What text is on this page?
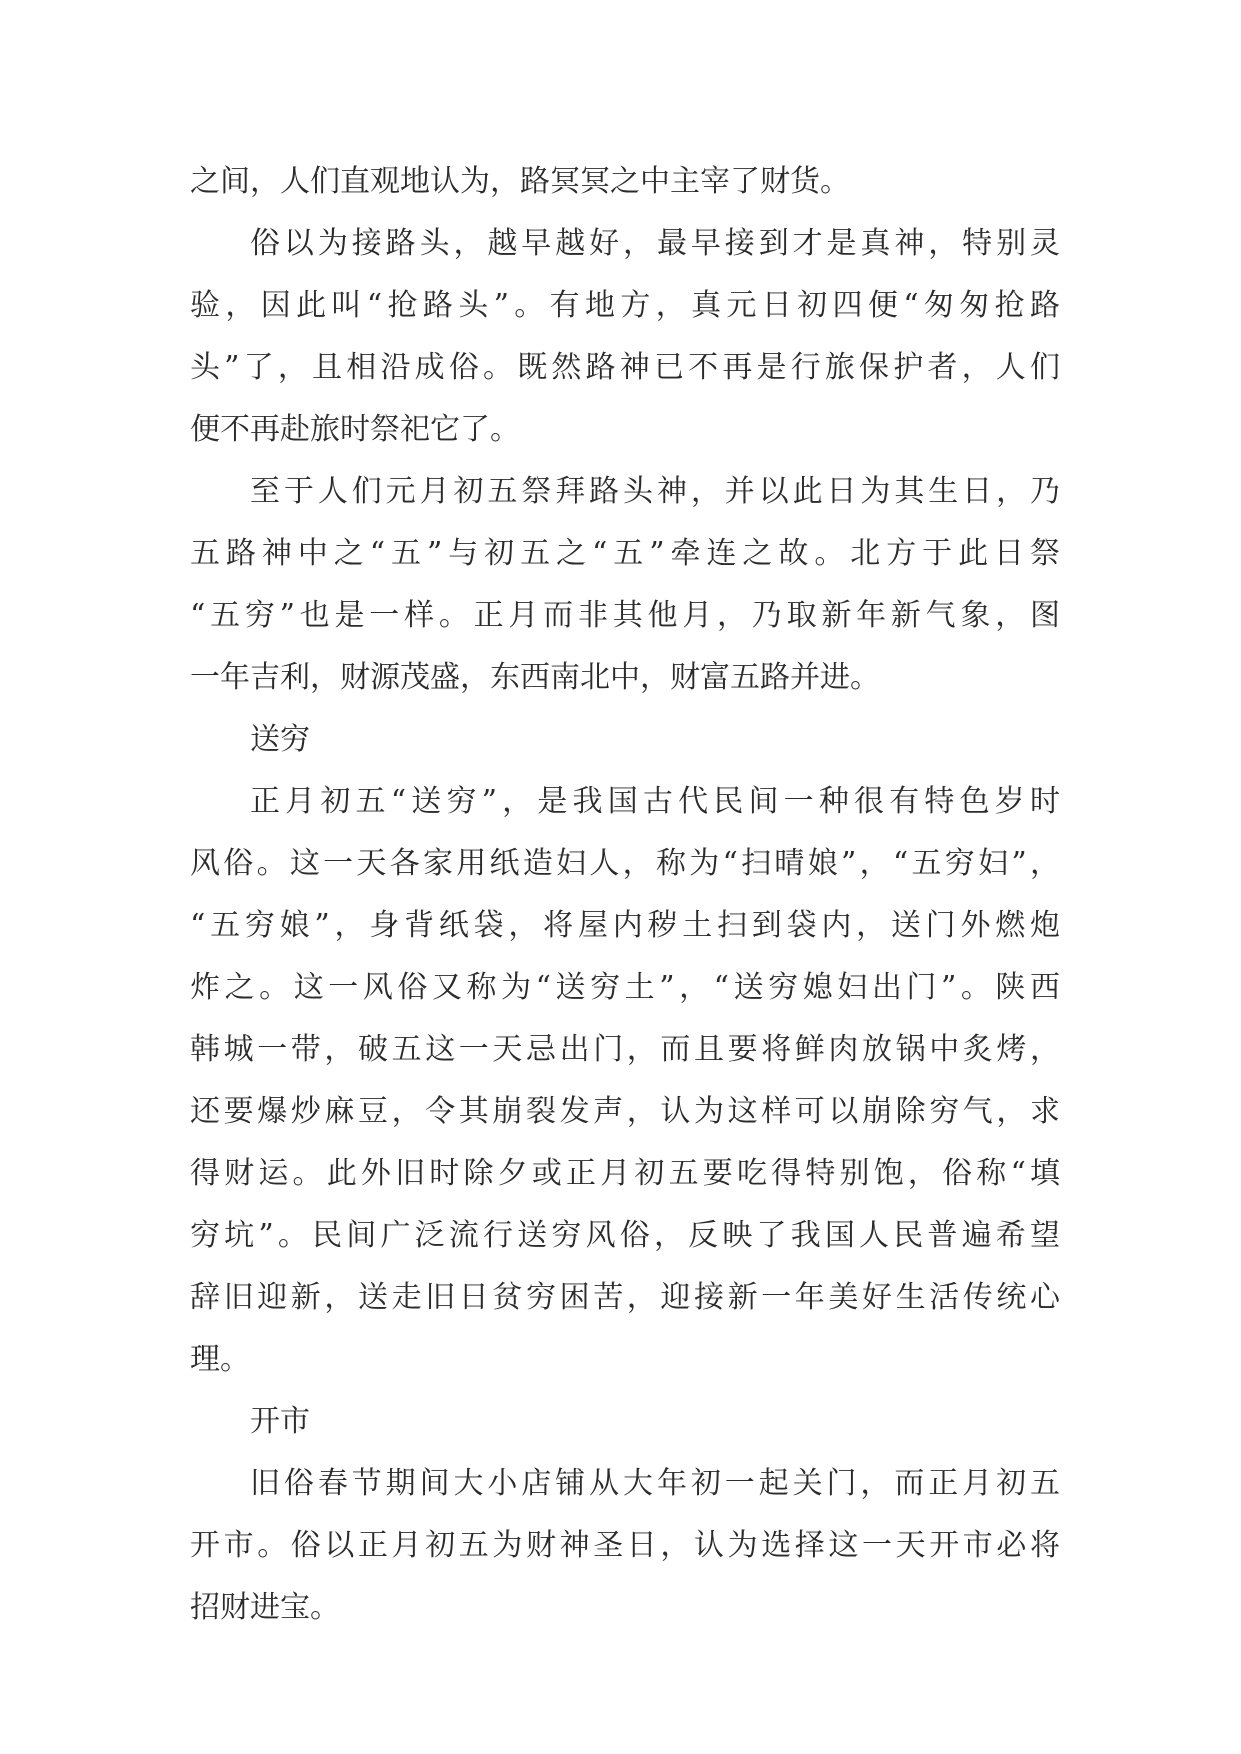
之间，人们直观地认为，路冥冥之中主宰了财货。
俗以为接路头，越早越好，最早接到才是真神，特别灵
验，因此叫“抢路头”。有地方，真元日初四便“匆匆抢路
头”了，且相沿成俗。既然路神已不再是行旅保护者，人们
便不再赴旅时祭祀它了。
至于人们元月初五祭拜路头神，并以此日为其生日，乃
五路神中之“五”与初五之“五”牵连之故。北方于此日祭
“五穷”也是一样。正月而非其他月，乃取新年新气象，图
一年吉利，财源茂盛，东西南北中，财富五路并进。
送穷
正月初五“送穷”，是我国古代民间一种很有特色岁时
风俗。这一天各家用纸造妇人，称为“扫晴娘”，“五穷妇”，
“五穷娘”，身背纸袋，将屋内秽土扫到袋内，送门外燃炮
炸之。这一风俗又称为“送穷土”，“送穷媳妇出门”。陕西
韩城一带，破五这一天忌出门，而且要将鲜肉放锅中炙烤，
还要爆炒麻豆，令其崩裂发声，认为这样可以崩除穷气，求
得财运。此外旧时除夕或正月初五要吃得特别饱，俗称“填
穷坑”。民间广泛流行送穷风俗，反映了我国人民普遍希望
辞旧迎新，送走旧日贫穷困苦，迎接新一年美好生活传统心
理。
开市
旧俗春节期间大小店铺从大年初一起关门，而正月初五
开市。俗以正月初五为财神圣日，认为选择这一天开市必将
招财进宝。
